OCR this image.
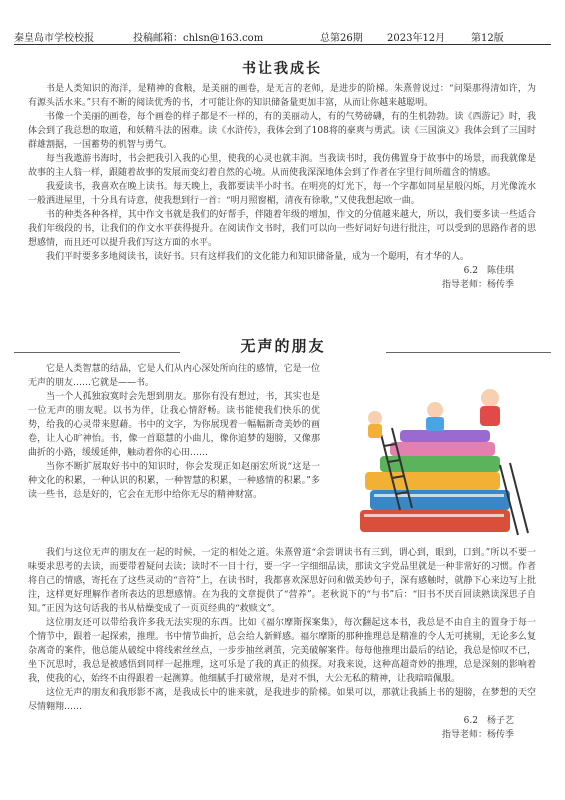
秦皇岛市学校校报	投稿邮箱：chlsn@163.com	总第26期 2023年12月	第12版
书让我成长

书是人类知识的海洋，是精神的食粮，是美丽的画卷，是无言的老师，是进步的阶梯。朱熹曾说过：“问渠那得清如许，为有源头活水来。”只有不断的阅读优秀的书，才可能让你的知识储备量更加丰富，从而让你越来越聪明。

书像一个美丽的画卷，每个画卷的样子都是不一样的，有的美丽动人，有的气势磅礴，有的生机勃勃。读《西游记》时，我体会到了我总想的取道，和妖精斗法的困难。读《水浒传》，我体会到了108将的豪爽与勇武。读《三国演义》我体会到了三国时群雄割据，一国蓄势的机智与勇气。

每当我遨游书海时，书会把我引入我的心里，使我的心灵也就丰润。当我读书时，我仿佛置身于故事中的场景，而我就像是故事的主人翁一样，跟随着故事的发展而变幻着自然的心境。从而使我深深地体会到了作者在字里行间所蕴含的情感。

我爱读书，我喜欢在晚上读书。每天晚上，我都要读半小时书。在明亮的灯光下，每一个字都如同星星般闪烁，月光像流水一般洒进屋里，十分具有诗意，使我想到行一首：“明月照窗楣，清夜有徐歌，”又使我想起欧一曲。

书的种类各种各样，其中作文书就是我们的好帮手，伴随着年级的增加，作文的分值越来越大，所以，我们要多读一些适合我们年级段的书，让我们的作文水平获得提升。在阅读作文书时，我们可以向一些好词好句进行批注，可以受到的思路作者的思想感情，而且还可以提升我们写这方面的水平。

我们平时要多多地阅读书，读好书。只有这样我们的文化能力和知识储备量，成为一个聪明，有才华的人。

6.2　陈佳琪

指导老师：杨传季

无声的朋友

它是人类智慧的结晶，它是人们从内心深处所向往的感情，它是一位无声的朋友……它就是——书。

当一个人孤独寂寞时会先想到朋友。那你有没有想过，书，其实也是一位无声的朋友呢。以书为伴，让我心情舒畅。读书能使我们快乐的优势，给我的心灵带来慰藉。书中的文字，为你展现着一幅幅新奇美妙的画卷，让人心旷神怡。书，像一首聪慧的小曲儿，像你追梦的翅膀，又像那曲折的小路，缓缓延伸，触动着你的心田……

当你不断扩展取好书中的知识时，你会发现正如赵丽宏所说“这是一种文化的积累，一种认识的积累，一种智慧的积累，一种感情的积累。”多读一些书，总是好的，它会在无形中给你无尽的精神财富。

我们与这位无声的朋友在一起的时候，一定的相处之道。朱熹曾道“余尝谓读书有三到，谓心到，眼到，口到。”所以不要一味要求思考的去读，而要带着疑问去读；读时不一目十行，要一字一字细细品读，那读文字党品里就是一种非常好的习惯。作者将自己的情感，寄托在了这些灵动的“音符”上，在读书时，我都喜欢深思好问和做美妙句子，深有感触时，就静下心来边写上批注，这样更好理解作者所表达的思想感情。在为我的文章提供了“营养”。老秋说下的“与书”后：“旧书不厌百回读熟读深思子自知。”正因为这句话我的书从枯燥变成了一页页经典的“救赎文”。

这位朋友还可以带给我许多我无法实现的东西。比如《福尔摩斯探案集》，每次翻起这本书，我总是不由自主的置身于每一个情节中，跟着一起探索，推理。书中情节曲折，总会给人新鲜感。福尔摩斯的那种推理总是精准的令人无可挑剔，无论多么复杂离奇的案件，他总能从破绽中将线索丝丝点，一步步抽丝剥茧，完美破解案件。每每他推理出最后的结论，我总是惊叹不已，坐下沉思时，我总是被感悟到同样一起推理，这可乐是了我的真正的侦探。对我来说，这种高超奇妙的推理，总是深刻的影响着我，使我的心，始终不由得跟着一起测算。他细腻手打破常规，是对不惧，大公无私的精神，让我暗暗佩服。

这位无声的朋友和我形影不离，是我成长中的谁来就，是我进步的阶梯。如果可以，那就让我插上书的翅膀，在梦想的天空尽情翱翔……

6.2　杨子艺

指导老师：杨传季
